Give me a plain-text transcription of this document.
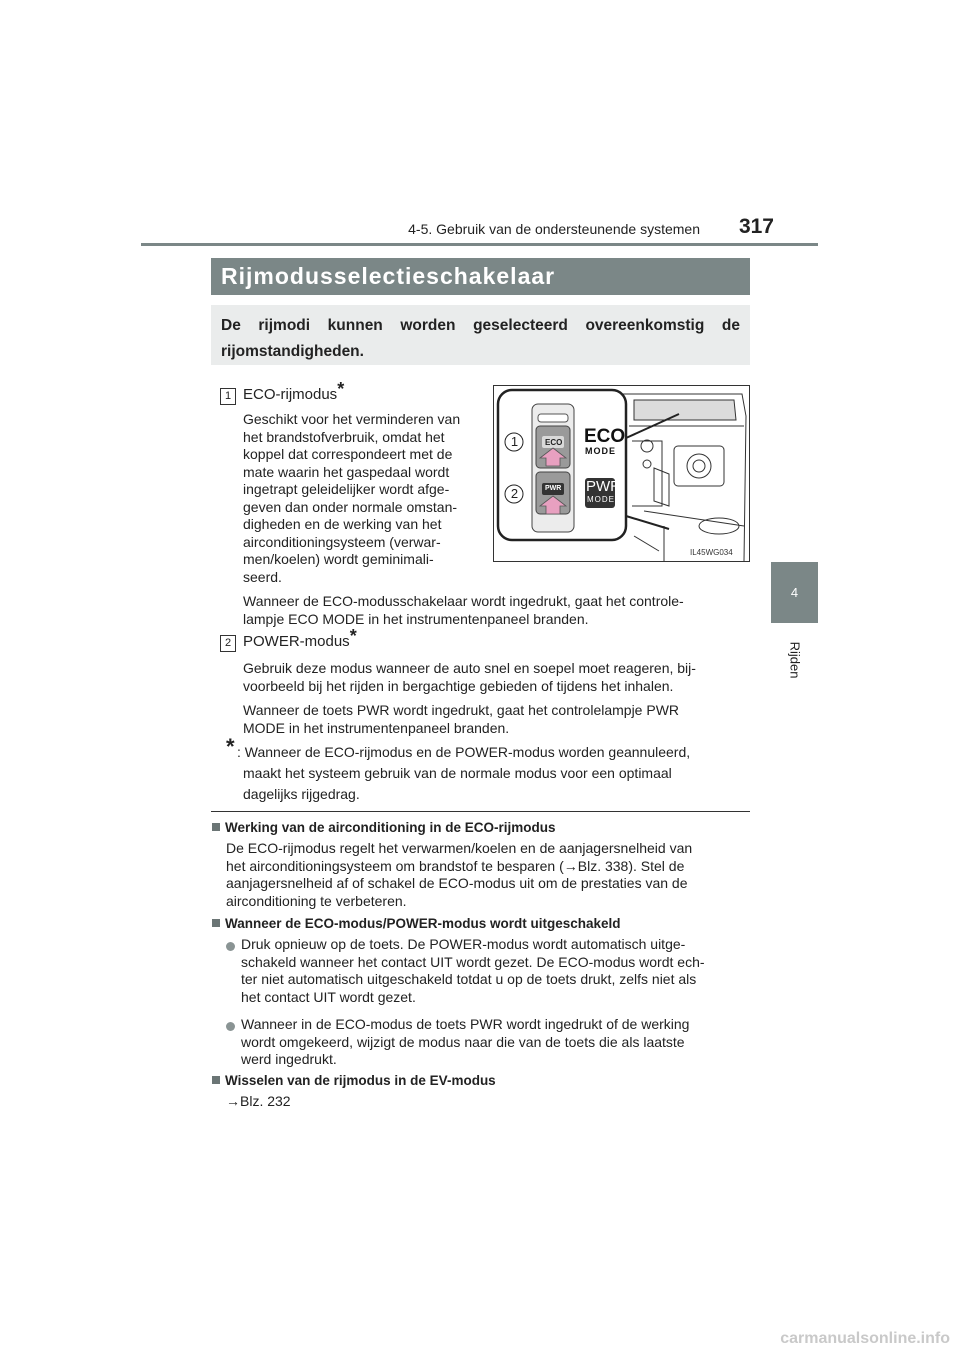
4-5. Gebruik van de ondersteunende systemen	317
4
Rijden
Rijmodusselectieschakelaar
De rijmodi kunnen worden geselecteerd overeenkomstig de rijomstandigheden.
1 ECO-rijmodus*
Geschikt voor het verminderen van
het brandstofverbruik, omdat het
koppel dat correspondeert met de
mate waarin het gaspedaal wordt
ingetrapt geleidelijker wordt afge-
geven dan onder normale omstan-
digheden en de werking van het
airconditioningsysteem (verwar-
men/koelen) wordt geminimali-
seerd.
Wanneer de ECO-modusschakelaar wordt ingedrukt, gaat het controle-
lampje ECO MODE in het instrumentenpaneel branden.
2 POWER-modus*
Gebruik deze modus wanneer de auto snel en soepel moet reageren, bij-
voorbeeld bij het rijden in bergachtige gebieden of tijdens het inhalen.
Wanneer de toets PWR wordt ingedrukt, gaat het controlelampje PWR
MODE in het instrumentenpaneel branden.
* : Wanneer de ECO-rijmodus en de POWER-modus worden geannuleerd,
maakt het systeem gebruik van de normale modus voor een optimaal
dagelijks rijgedrag.
ECO
PWR
1
2
ECO
MODE
PWR
MODE
IL45WG034
Werking van de airconditioning in de ECO-rijmodus
De ECO-rijmodus regelt het verwarmen/koelen en de aanjagersnelheid van
het airconditioningsysteem om brandstof te besparen (→Blz. 338). Stel de
aanjagersnelheid af of schakel de ECO-modus uit om de prestaties van de
airconditioning te verbeteren.
Wanneer de ECO-modus/POWER-modus wordt uitgeschakeld
Druk opnieuw op de toets. De POWER-modus wordt automatisch uitge-
schakeld wanneer het contact UIT wordt gezet. De ECO-modus wordt ech-
ter niet automatisch uitgeschakeld totdat u op de toets drukt, zelfs niet als
het contact UIT wordt gezet.
Wanneer in de ECO-modus de toets PWR wordt ingedrukt of de werking
wordt omgekeerd, wijzigt de modus naar die van de toets die als laatste
werd ingedrukt.
Wisselen van de rijmodus in de EV-modus
→Blz. 232
carmanualsonline.info
